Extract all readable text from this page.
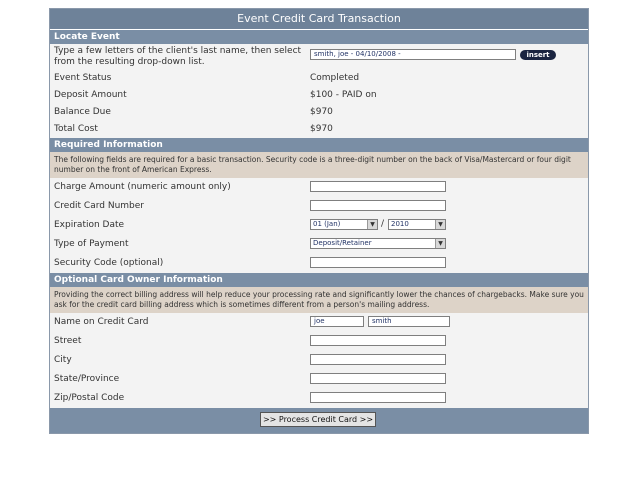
Event Credit Card Transaction
Locate Event
Type a few letters of the client's last name, then select from the resulting drop-down list.
smith, joe - 04/10/2008 -	insert
Event Status	Completed
Deposit Amount	$100 - PAID on
Balance Due	$970
Total Cost	$970
Required Information
The following fields are required for a basic transaction. Security code is a three-digit number on the back of Visa/Mastercard or four digit number on the front of American Express.
Charge Amount (numeric amount only)
Credit Card Number
Expiration Date	01 (Jan)	▼ / 2010	▼
Type of Payment	Deposit/Retainer	▼
Security Code (optional)
Optional Card Owner Information
Providing the correct billing address will help reduce your processing rate and significantly lower the chances of chargebacks. Make sure you ask for the credit card billing address which is sometimes different from a person's mailing address.
Name on Credit Card	joe	smith
Street
City
State/Province
Zip/Postal Code
>> Process Credit Card >>
